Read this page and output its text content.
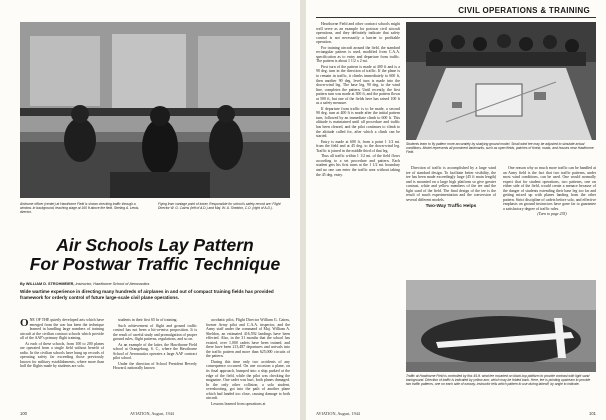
Airdrome officer (center) at Hawthorne Field is shown checking traffic through a window. In background, teaching stage at 160 ft above the field. Sterling A. Lewis, director.
Flying from vantage point of tower, Responsible for school's safety record are: Flight Director W. G. Cairns (left of A.D.) and Maj. W. A. Sheldon, C.O. (right of A.D.).
Air Schools Lay Pattern
For Postwar Traffic Technique
By WILLIAM D. STROHMEIER, Instructor, Hawthorne School of Aeronautics
Wide wartime experience in directing many hundreds of airplanes in and out of compact training fields has provided framework for orderly control of future large-scale civil plane operations.

ONE OF THE quietly developed arts which have emerged from the war has been the technique learned in handling large numbers of training aircraft at the civilian contract schools which provide all of the AAF's primary flight training.

At each of these schools, from 100 to 200 planes are operated from a single field without benefit of radio. In the civilian schools have hung up records of operating safety far exceeding those previously known for military establishments, where more than half the flights made by students are solo.

students in their first 65 hr of training.

Such achievement of flight and ground traffic control has not been a hit-or-miss proposition. It is the result of careful study and promulgation of proper ground rules, flight patterns, regulations, and so on.

As an example of the latter, the Hawthorne Field school at Orangeburg, S. C., where the Hawthorne School of Aeronautics operates a large AAF contract pilot school.

Under the direction of School President Beverly Howard, nationally known

acrobatic pilot, Flight Director William G. Cairns, former Army pilot and C.A.A. inspector, and the Army staff under the command of Maj. William A. Sheldon, an estimated 416,592 landings have been effected. Also, in the 31 months that the school has existed, over 1,000 cadets have been trained, and there have been 213,487 departures and arrivals into the traffic pattern and more than 625,000 circuits of the pattern.

During this time only two accidents of any consequence occurred. On one occasion a plane, on its final approach, bumped into a ship parked at the edge of the field, while the pilot was checking the magazine. One cadet was hurt, both planes damaged. In the only other collision, a solo student, overshooting, got into the path of another plane which had landed too close, causing damage to both aircraft.

Lessons learned from operations at

100	AVIATION, August, 1944
CIVIL OPERATIONS & TRAINING

Hawthorne Field and other contract schools might well serve as an example for postwar civil aircraft operations, and they definitely indicate that safety control is not necessarily a barrier to profitable operation.

For training aircraft around the field, the standard rectangular pattern is used, modified from C.A.A. specification as to entry and departure from traffic. The pattern is about 1 1/2 x 2 mi.

First turn of the pattern is made at 400 ft and is a 90 deg. turn in the direction of traffic. If the plane is to remain in traffic, it climbs immediately to 600 ft, then another 90 deg. level turn is made into the down-wind leg. The base leg, 90 deg. to the wind line, completes the pattern. Until recently, the first pattern turn was made at 300 ft, and the pattern flown at 500 ft, but one of the fields here has raised 100 ft as a safety measure.

If departure from traffic is to be made, a second 90 deg. turn at 400 ft is made after the initial pattern turn, followed by an immediate climb to 600 ft. This altitude is maintained until all procedure and traffic has been cleared, and the pilot continues to climb to the altitude called for, after which a climb can be started.

Entry is made at 600 ft, from a point 1 1/2 mi. from the field and at 45 deg. to the down-wind leg. Traffic is joined in the middle third of that leg.

Thus all traffic within 1 1/2 mi. of the field flows according to a set procedure and pattern. Each student gets his first turns at the 1 1/2 mi. boundary and no one can enter the traffic area without taking the 45 deg. entry.

Students learn to fly pattern more accurately by studying ground model. Small wind tee may be adjusted to simulate actual conditions. Model represents all prominent landmarks, such as open fields, patches of forest, roads, and houses near Hawthorne Field.

Direction of traffic is accomplished by a large wind tee of standard design. To facilitate better visibility, the tee has been made exceedingly large (45 ft main length) and is mounted on a large high platform so give greater contrast, white and yellow members of the tee and the light sand of the field. The final design of the tee is the result of much experimentation and the conversion of several different models.

Two-Way Traffic Helps

One reason why so much more traffic can be handled at an Army field is the fact that two traffic patterns, under most wind conditions, can be used. One would normally expect that for student operations, two patterns, one on either side of the field, would create a menace because of the danger of students extending their base leg too far and getting mixed up with planes landing from the other pattern. Strict discipline of cadets before solo, and effective emphasis on ground instructors have gone far to guarantee a satisfactory degree of traffic rules.

(Turn to page 235)

Traffic at Hawthorne Field is controlled by this 45-ft. wind tee mounted on black-top platform to provide contrast with light sand background. Direction of traffic is indicated by yellow arm, which may be folded back. Here, tee is pointing upstream to provide two traffic patterns, one on each side of runway. Instructor tells which pattern to use during takeoff, by angle to indicate.
AVIATION, August, 1944	101
